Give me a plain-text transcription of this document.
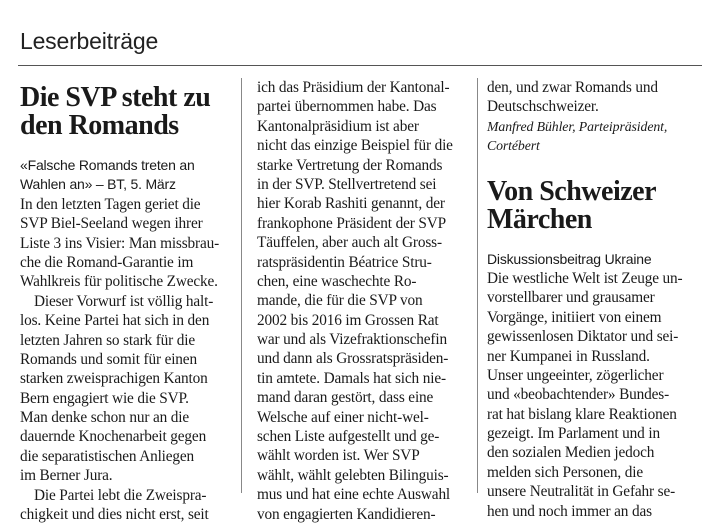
Leserbeiträge
Die SVP steht zu
den Romands
«Falsche Romands treten an
Wahlen an» – BT, 5. März
In den letzten Tagen geriet die
SVP Biel-Seeland wegen ihrer
Liste 3 ins Visier: Man missbrau-
che die Romand-Garantie im
Wahlkreis für politische Zwecke.
Dieser Vorwurf ist völlig halt-
los. Keine Partei hat sich in den
letzten Jahren so stark für die
Romands und somit für einen
starken zweisprachigen Kanton
Bern engagiert wie die SVP.
Man denke schon nur an die
dauernde Knochenarbeit gegen
die separatistischen Anliegen
im Berner Jura.
Die Partei lebt die Zweispra-
chigkeit und dies nicht erst, seit
ich das Präsidium der Kantonal-
partei übernommen habe. Das
Kantonalpräsidium ist aber
nicht das einzige Beispiel für die
starke Vertretung der Romands
in der SVP. Stellvertretend sei
hier Korab Rashiti genannt, der
frankophone Präsident der SVP
Täuffelen, aber auch alt Gross-
ratspräsidentin Béatrice Stru-
chen, eine waschechte Ro-
mande, die für die SVP von
2002 bis 2016 im Grossen Rat
war und als Vizefraktionschefin
und dann als Grossratspräsiden-
tin amtete. Damals hat sich nie-
mand daran gestört, dass eine
Welsche auf einer nicht-wel-
schen Liste aufgestellt und ge-
wählt worden ist. Wer SVP
wählt, wählt gelebten Bilinguis-
mus und hat eine echte Auswahl
von engagierten Kandidieren-
den, und zwar Romands und
Deutschschweizer.
Manfred Bühler, Parteipräsident,
Cortébert
Von Schweizer
Märchen
Diskussionsbeitrag Ukraine
Die westliche Welt ist Zeuge un-
vorstellbarer und grausamer
Vorgänge, initiiert von einem
gewissenlosen Diktator und sei-
ner Kumpanei in Russland.
Unser ungeeinter, zögerlicher
und «beobachtender» Bundes-
rat hat bislang klare Reaktionen
gezeigt. Im Parlament und in
den sozialen Medien jedoch
melden sich Personen, die
unsere Neutralität in Gefahr se-
hen und noch immer an das
